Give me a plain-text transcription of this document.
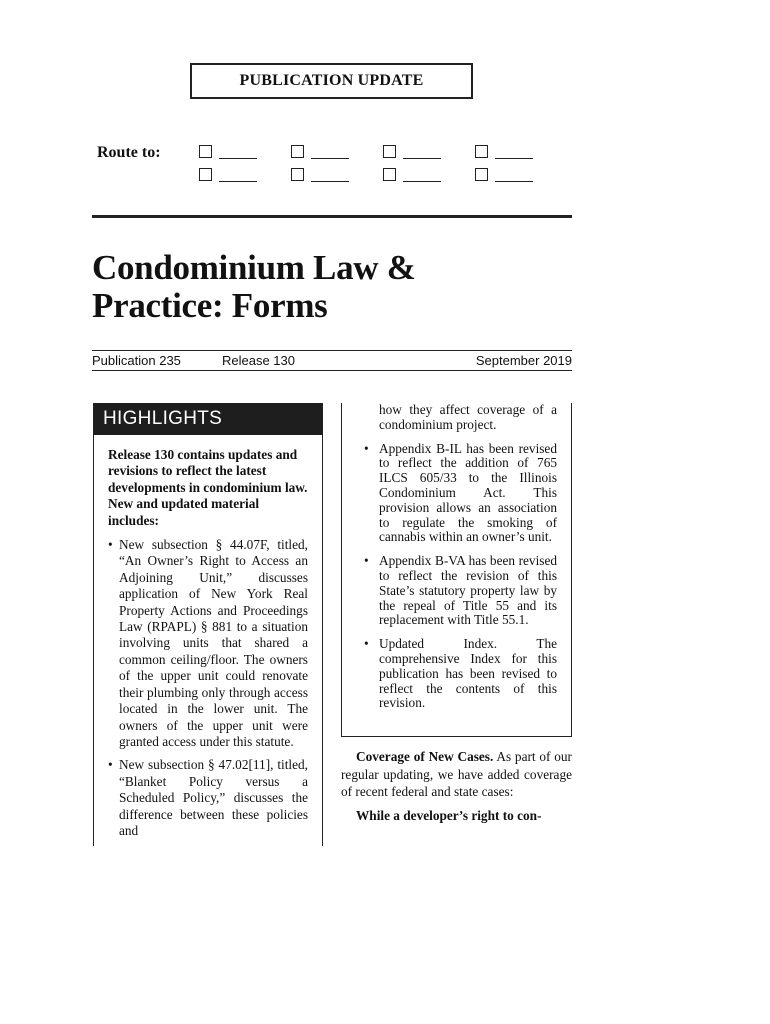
PUBLICATION UPDATE
Route to:
Condominium Law &
Practice: Forms
Publication 235	Release 130	September 2019
HIGHLIGHTS

Release 130 contains updates and revisions to reflect the latest developments in condominium law. New and updated material includes:

• New subsection § 44.07F, titled, “An Owner’s Right to Access an Adjoining Unit,” discusses application of New York Real Property Actions and Proceedings Law (RPAPL) § 881 to a situation involving units that shared a common ceiling/floor. The owners of the upper unit could renovate their plumbing only through access located in the lower unit. The owners of the upper unit were granted access under this statute.
• New subsection § 47.02[11], titled, “Blanket Policy versus a Scheduled Policy,” discusses the difference between these policies and

how they affect coverage of a condominium project.

• Appendix B-IL has been revised to reflect the addition of 765 ILCS 605/33 to the Illinois Condominium Act. This provision allows an association to regulate the smoking of cannabis within an owner’s unit.
• Appendix B-VA has been revised to reflect the revision of this State’s statutory property law by the repeal of Title 55 and its replacement with Title 55.1.
• Updated Index. The comprehensive Index for this publication has been revised to reflect the contents of this revision.

Coverage of New Cases. As part of our regular updating, we have added coverage of recent federal and state cases:

While a developer’s right to con-
